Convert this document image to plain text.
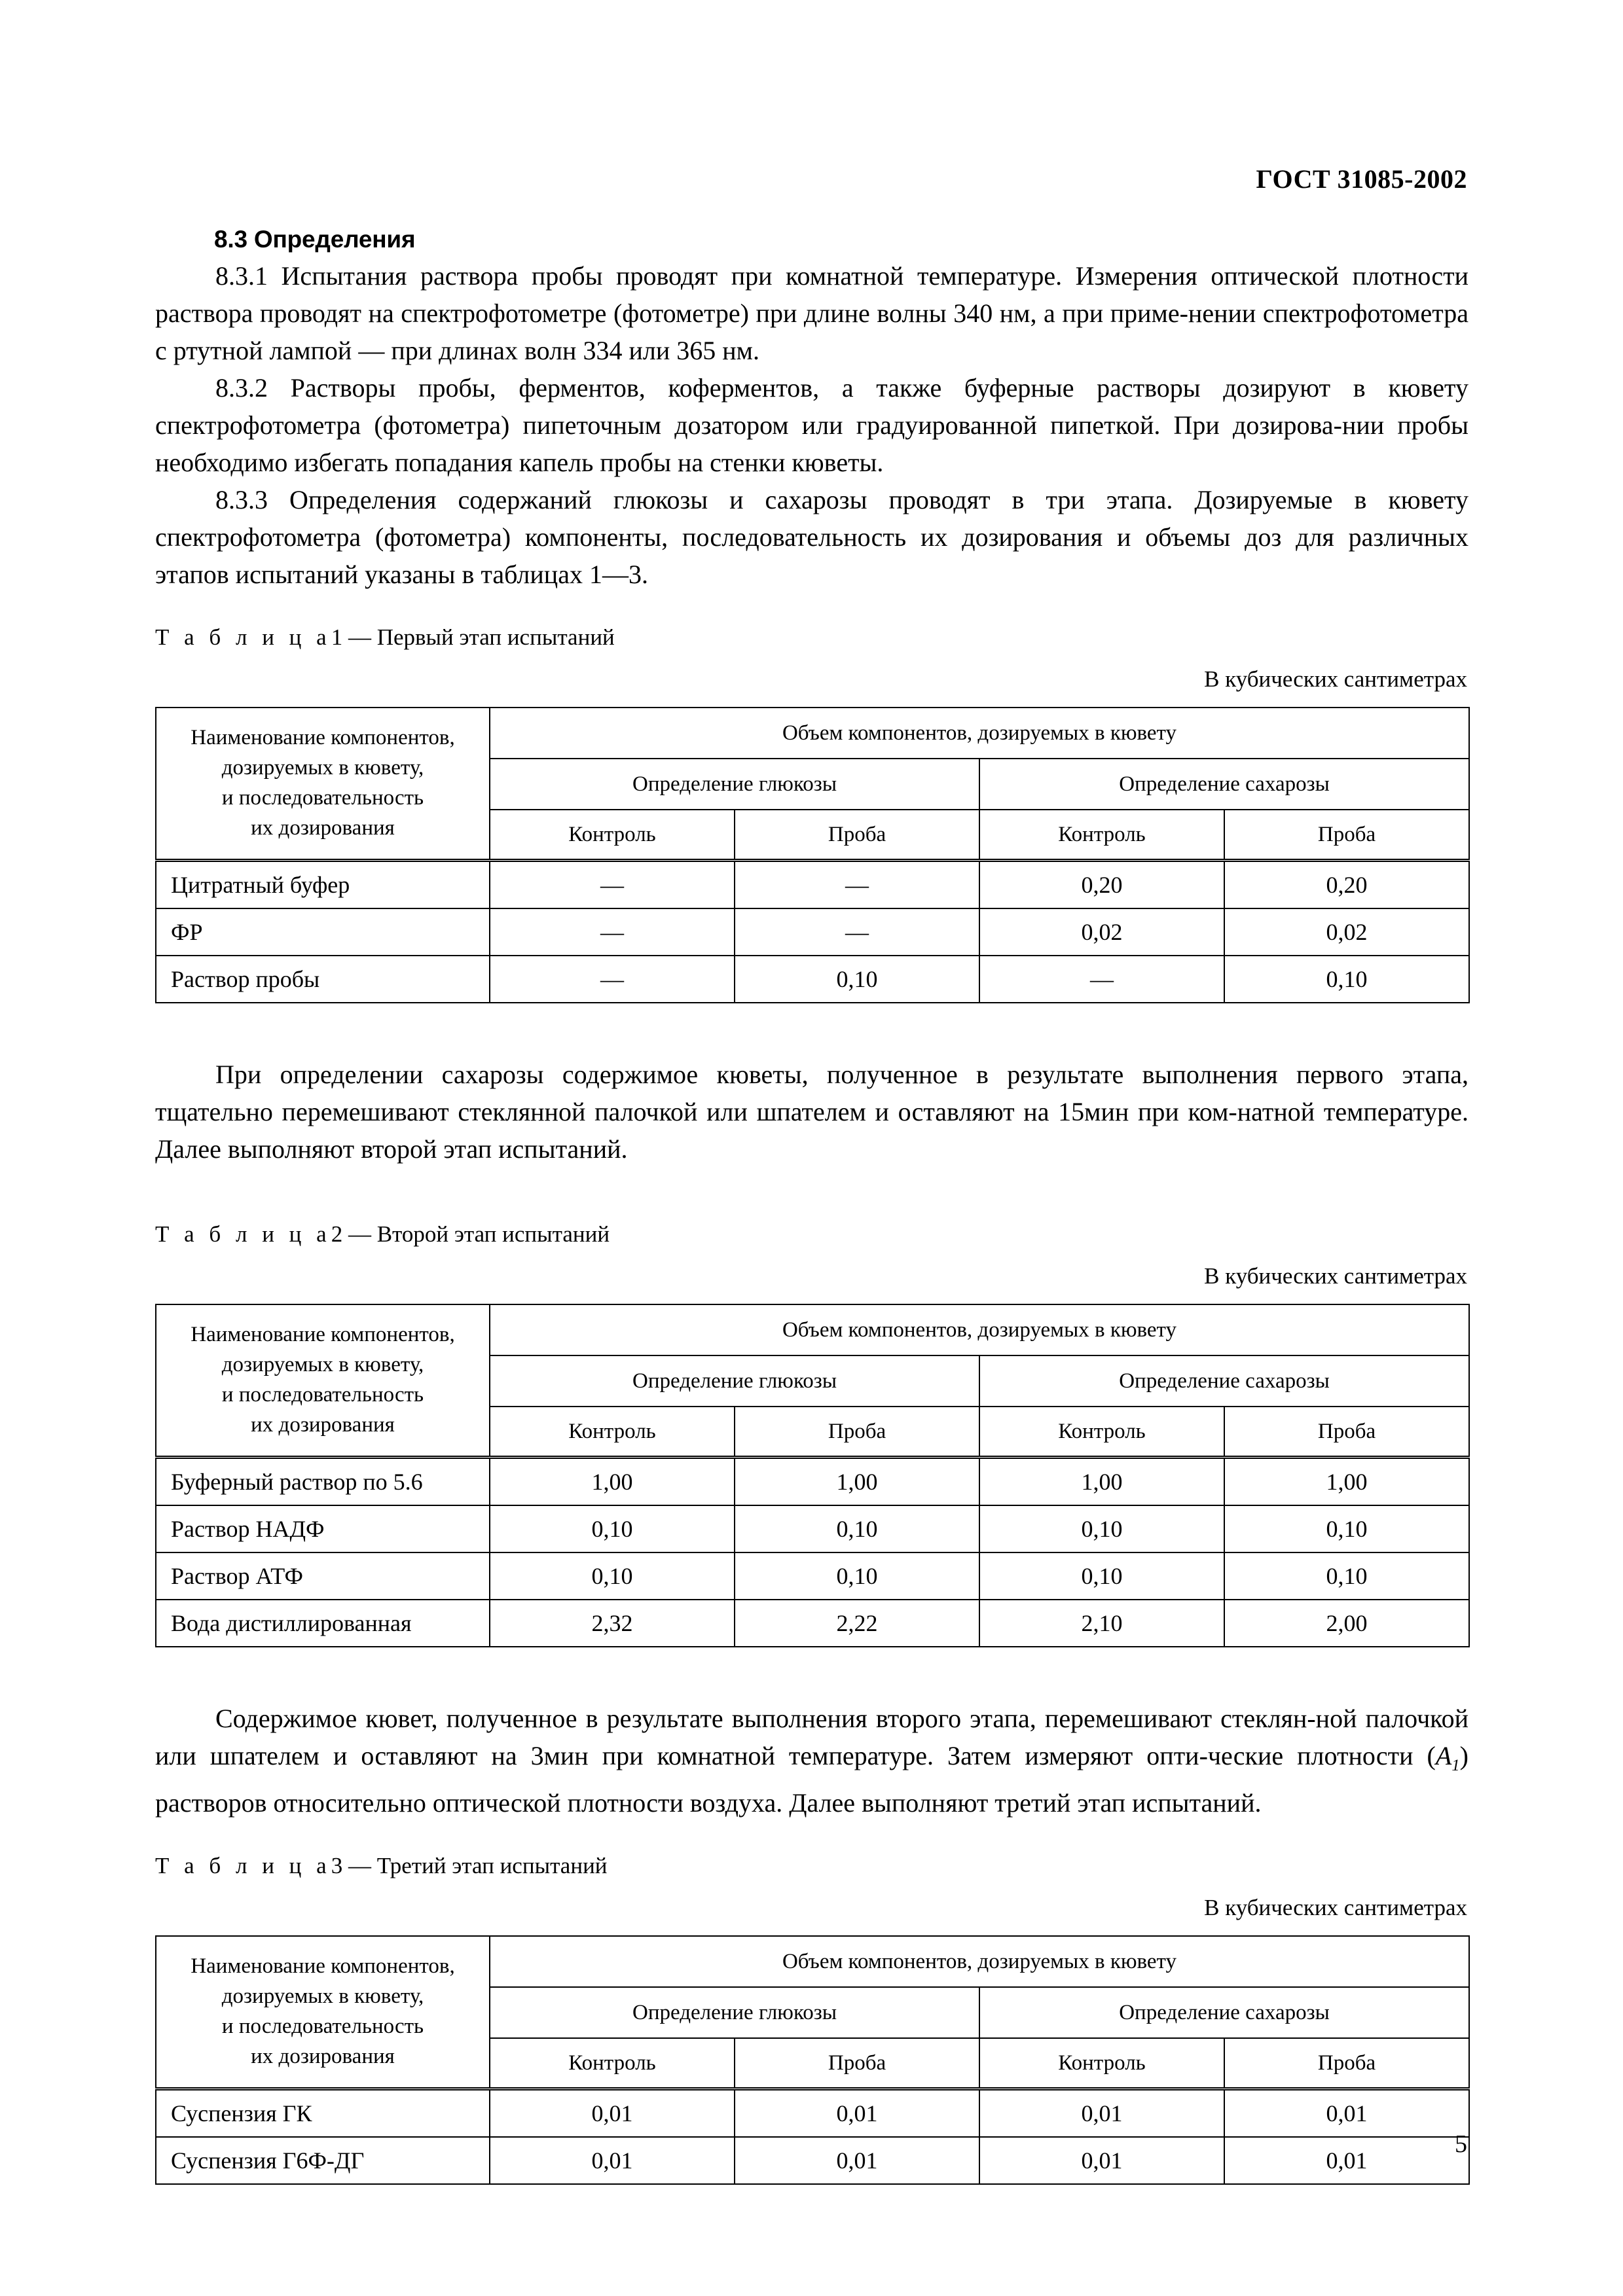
ГОСТ 31085-2002
8.3 Определения

8.3.1 Испытания раствора пробы проводят при комнатной температуре. Измерения оптической плотности раствора проводят на спектрофотометре (фотометре) при длине волны 340 нм, а при приме-нении спектрофотометра с ртутной лампой — при длинах волн 334 или 365 нм.

8.3.2 Растворы пробы, ферментов, коферментов, а также буферные растворы дозируют в кювету спектрофотометра (фотометра) пипеточным дозатором или градуированной пипеткой. При дозирова-нии пробы необходимо избегать попадания капель пробы на стенки кюветы.

8.3.3 Определения содержаний глюкозы и сахарозы проводят в три этапа. Дозируемые в кювету спектрофотометра (фотометра) компоненты, последовательность их дозирования и объемы доз для различных этапов испытаний указаны в таблицах 1—3.

Т а б л и ц а1 — Первый этап испытаний

В кубических сантиметрах

Наименование компонентов,
дозируемых в кювету,
и последовательность
их дозирования	Объем компонентов, дозируемых в кювету			
	Определение глюкозы		Определение сахарозы	
	Контроль	Проба	Контроль	Проба
Цитратный буфер	—	—	0,20	0,20
ФР	—	—	0,02	0,02
Раствор пробы	—	0,10	—	0,10

При определении сахарозы содержимое кюветы, полученное в результате выполнения первого этапа, тщательно перемешивают стеклянной палочкой или шпателем и оставляют на 15мин при ком-натной температуре. Далее выполняют второй этап испытаний.

Т а б л и ц а2 — Второй этап испытаний

В кубических сантиметрах

Наименование компонентов,
дозируемых в кювету,
и последовательность
их дозирования	Объем компонентов, дозируемых в кювету			
	Определение глюкозы		Определение сахарозы	
	Контроль	Проба	Контроль	Проба
Буферный раствор по 5.6	1,00	1,00	1,00	1,00
Раствор НАДФ	0,10	0,10	0,10	0,10
Раствор АТФ	0,10	0,10	0,10	0,10
Вода дистиллированная	2,32	2,22	2,10	2,00

Содержимое кювет, полученное в результате выполнения второго этапа, перемешивают стеклян-ной палочкой или шпателем и оставляют на 3мин при комнатной температуре. Затем измеряют опти-ческие плотности $(A_1)$ растворов относительно оптической плотности воздуха. Далее выполняют третий этап испытаний.

Т а б л и ц а3 — Третий этап испытаний

В кубических сантиметрах

Наименование компонентов,
дозируемых в кювету,
и последовательность
их дозирования	Объем компонентов, дозируемых в кювету			
	Определение глюкозы		Определение сахарозы	
	Контроль	Проба	Контроль	Проба
Суспензия ГК	0,01	0,01	0,01	0,01
Суспензия Г6Ф-ДГ	0,01	0,01	0,01	0,01
5
